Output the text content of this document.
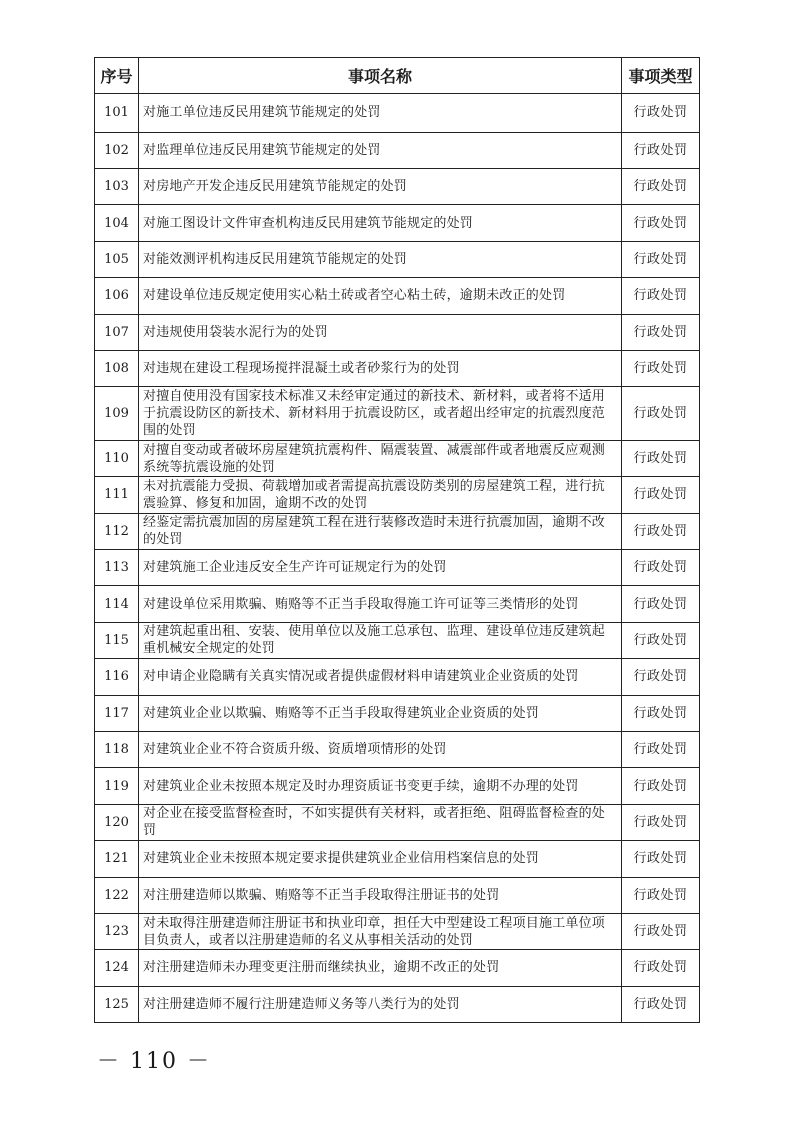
序号	事项名称	事项类型
101	对施工单位违反民用建筑节能规定的处罚	行政处罚
102	对监理单位违反民用建筑节能规定的处罚	行政处罚
103	对房地产开发企违反民用建筑节能规定的处罚	行政处罚
104	对施工图设计文件审查机构违反民用建筑节能规定的处罚	行政处罚
105	对能效测评机构违反民用建筑节能规定的处罚	行政处罚
106	对建设单位违反规定使用实心粘土砖或者空心粘土砖，逾期未改正的处罚	行政处罚
107	对违规使用袋装水泥行为的处罚	行政处罚
108	对违规在建设工程现场搅拌混凝土或者砂浆行为的处罚	行政处罚
109	对擅自使用没有国家技术标准又未经审定通过的新技术、新材料，或者将不适用于抗震设防区的新技术、新材料用于抗震设防区，或者超出经审定的抗震烈度范围的处罚	行政处罚
110	对擅自变动或者破坏房屋建筑抗震构件、隔震装置、减震部件或者地震反应观测系统等抗震设施的处罚	行政处罚
111	未对抗震能力受损、荷载增加或者需提高抗震设防类别的房屋建筑工程，进行抗震验算、修复和加固，逾期不改的处罚	行政处罚
112	经鉴定需抗震加固的房屋建筑工程在进行装修改造时未进行抗震加固，逾期不改的处罚	行政处罚
113	对建筑施工企业违反安全生产许可证规定行为的处罚	行政处罚
114	对建设单位采用欺骗、贿赂等不正当手段取得施工许可证等三类情形的处罚	行政处罚
115	对建筑起重出租、安装、使用单位以及施工总承包、监理、建设单位违反建筑起重机械安全规定的处罚	行政处罚
116	对申请企业隐瞒有关真实情况或者提供虚假材料申请建筑业企业资质的处罚	行政处罚
117	对建筑业企业以欺骗、贿赂等不正当手段取得建筑业企业资质的处罚	行政处罚
118	对建筑业企业不符合资质升级、资质增项情形的处罚	行政处罚
119	对建筑业企业未按照本规定及时办理资质证书变更手续，逾期不办理的处罚	行政处罚
120	对企业在接受监督检查时，不如实提供有关材料，或者拒绝、阻碍监督检查的处罚	行政处罚
121	对建筑业企业未按照本规定要求提供建筑业企业信用档案信息的处罚	行政处罚
122	对注册建造师以欺骗、贿赂等不正当手段取得注册证书的处罚	行政处罚
123	对未取得注册建造师注册证书和执业印章，担任大中型建设工程项目施工单位项目负责人，或者以注册建造师的名义从事相关活动的处罚	行政处罚
124	对注册建造师未办理变更注册而继续执业，逾期不改正的处罚	行政处罚
125	对注册建造师不履行注册建造师义务等八类行为的处罚	行政处罚
－ 110 －
